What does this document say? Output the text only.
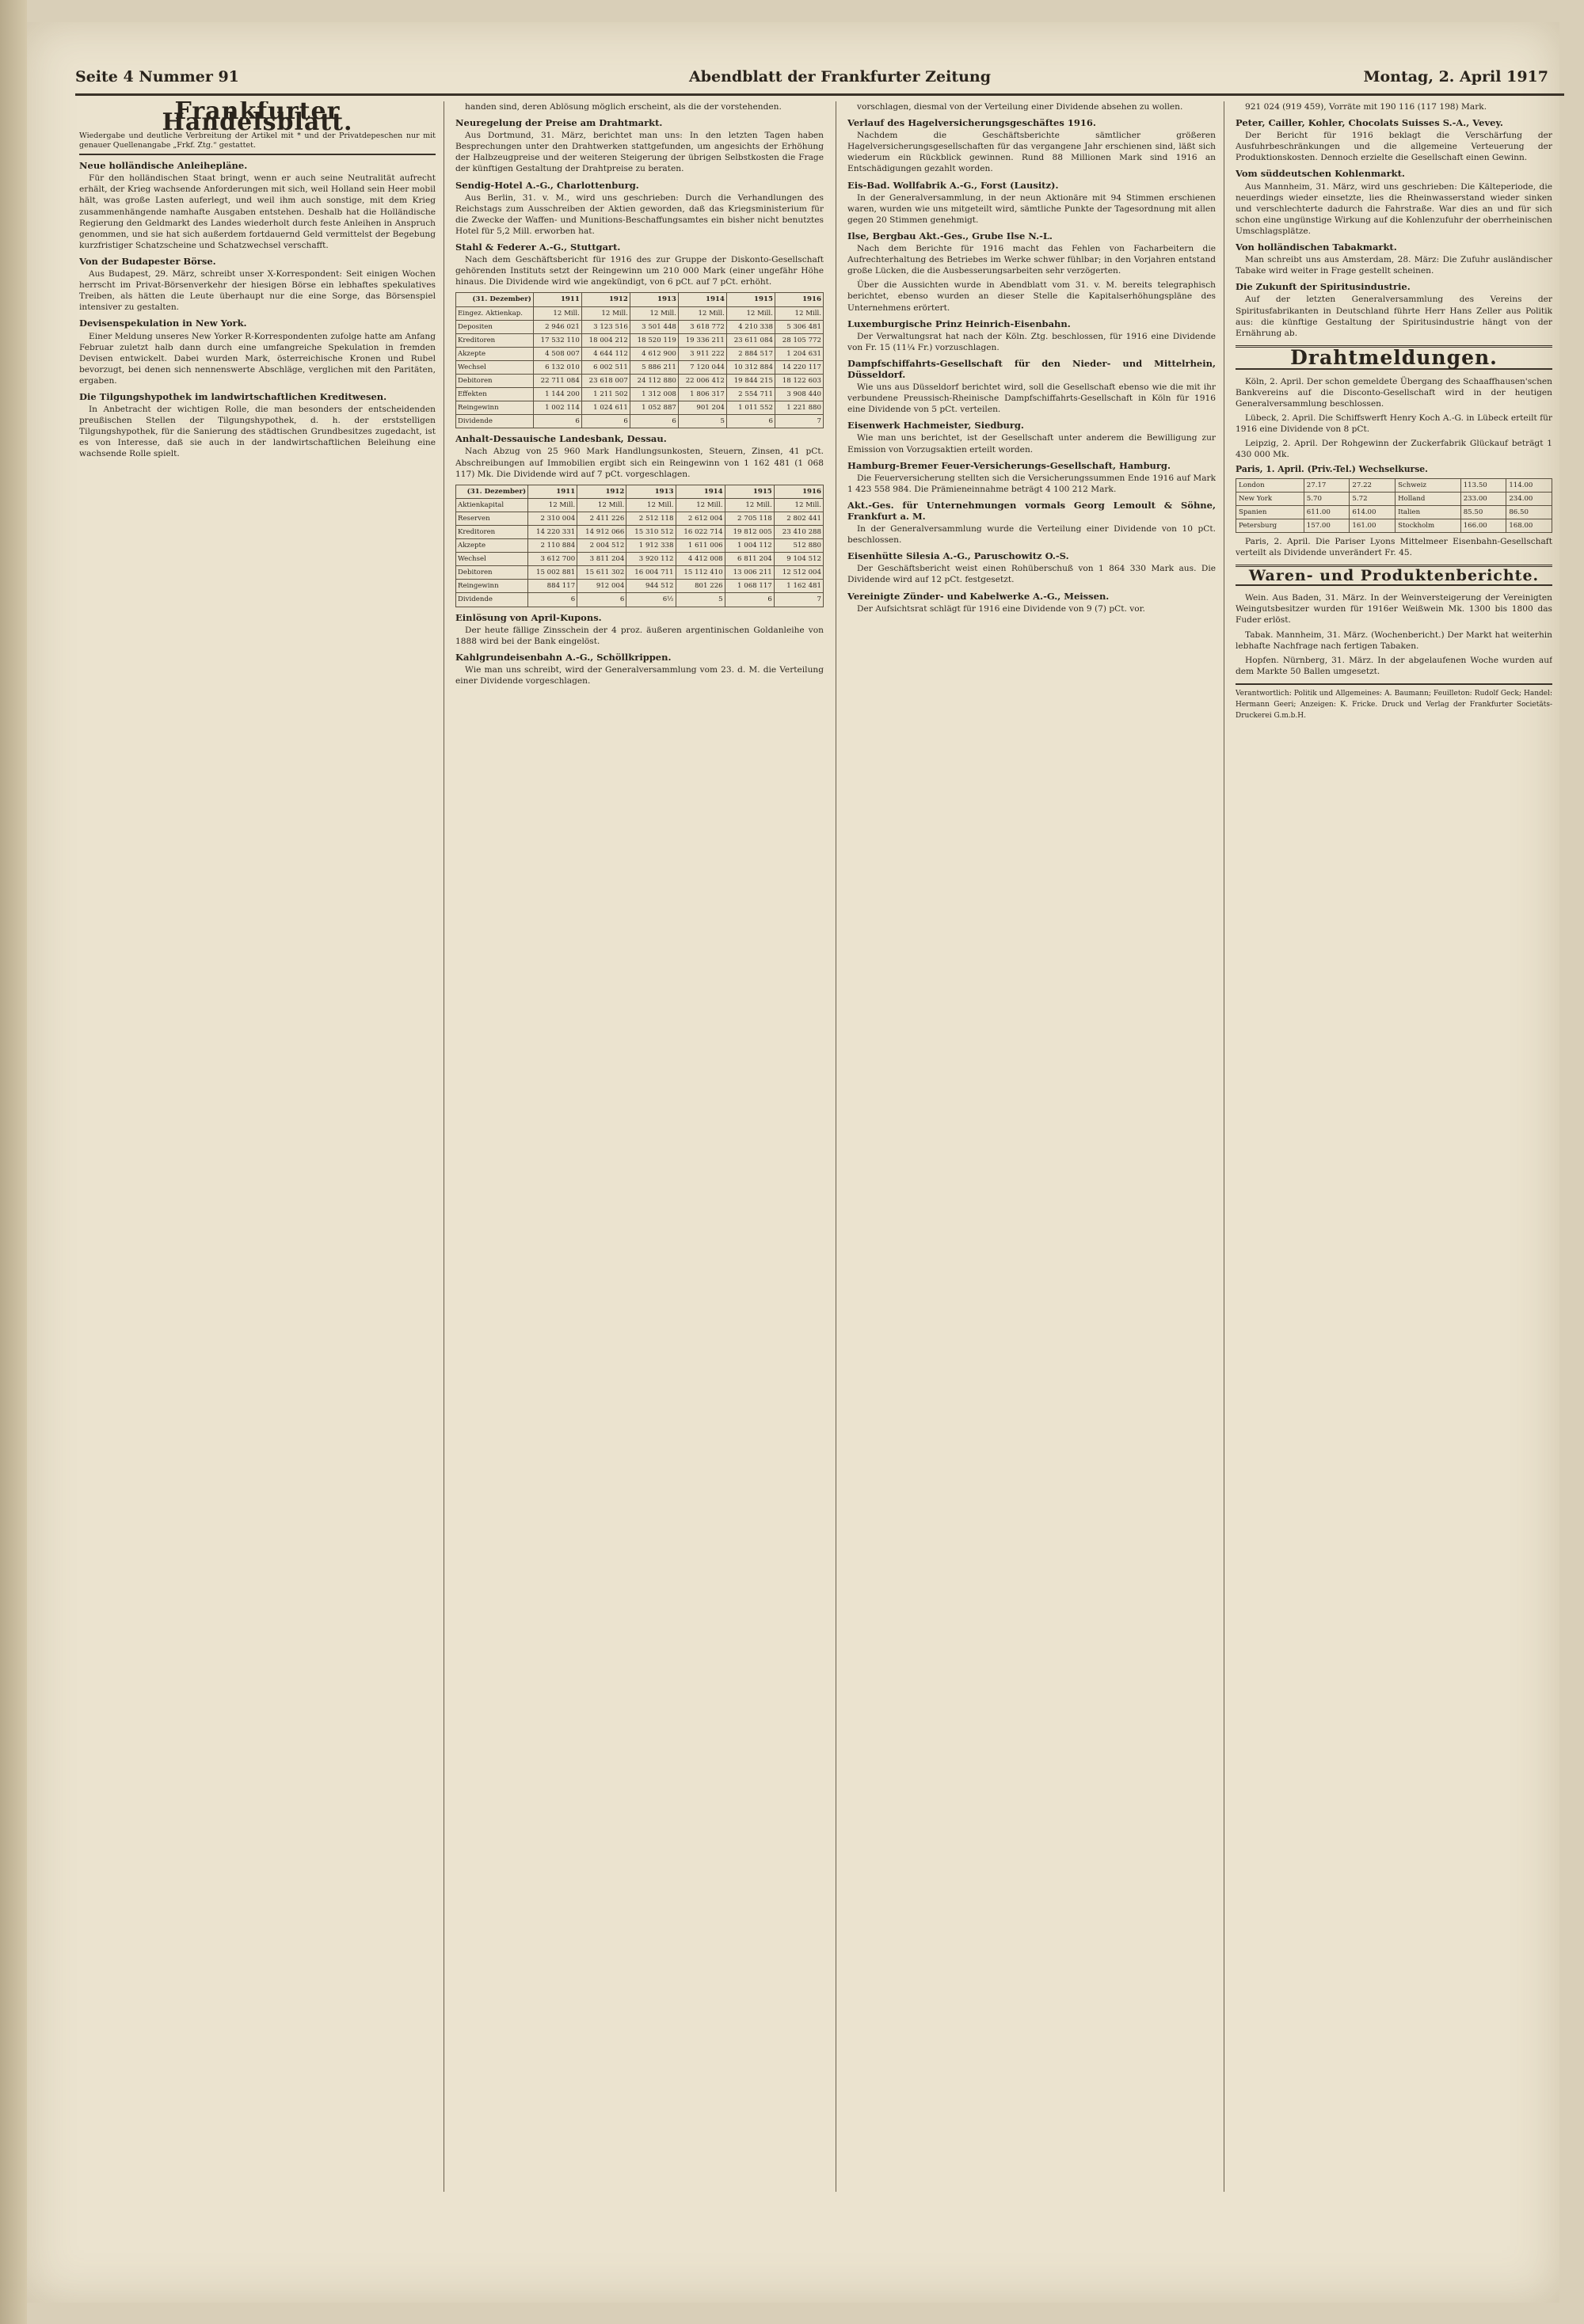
Seite 4 Nummer 91	Abendblatt der Frankfurter Zeitung	Montag, 2. April 1917
Frankfurter Handelsblatt.
Wiedergabe und deutliche Verbreitung der Artikel mit * und der Privatdepeschen nur mit genauer Quellenangabe „Frkf. Ztg.“ gestattet.
Neue holländische Anleihepläne.

Für den holländischen Staat bringt, wenn er auch seine Neutralität aufrecht erhält, der Krieg wachsende Anforderungen mit sich, weil Holland sein Heer mobil hält, was große Lasten auferlegt, und weil ihm auch sonstige, mit dem Krieg zusammenhängende namhafte Ausgaben entstehen. Deshalb hat die Holländische Regierung den Geldmarkt des Landes wiederholt durch feste Anleihen in Anspruch genommen, und sie hat sich außerdem fortdauernd Geld vermittelst der Begebung kurzfristiger Schatzscheine und Schatzwechsel verschafft.

Von der Budapester Börse.

Aus Budapest, 29. März, schreibt unser X-Korrespondent: Seit einigen Wochen herrscht im Privat-Börsenverkehr der hiesigen Börse ein lebhaftes spekulatives Treiben, als hätten die Leute überhaupt nur die eine Sorge, das Börsenspiel intensiver zu gestalten.

Devisenspekulation in New York.

Einer Meldung unseres New Yorker R-Korrespondenten zufolge hatte am Anfang Februar zuletzt halb dann durch eine umfangreiche Spekulation in fremden Devisen entwickelt. Dabei wurden Mark, österreichische Kronen und Rubel bevorzugt, bei denen sich nennenswerte Abschläge, verglichen mit den Paritäten, ergaben.

Die Tilgungshypothek im landwirtschaftlichen Kreditwesen.

In Anbetracht der wichtigen Rolle, die man besonders der entscheidenden preußischen Stellen der Tilgungshypothek, d. h. der erststelligen Tilgungshypothek, für die Sanierung des städtischen Grundbesitzes zugedacht, ist es von Interesse, daß sie auch in der landwirtschaftlichen Beleihung eine wachsende Rolle spielt.

handen sind, deren Ablösung möglich erscheint, als die der vorstehenden.

Neuregelung der Preise am Drahtmarkt.

Aus Dortmund, 31. März, berichtet man uns: In den letzten Tagen haben Besprechungen unter den Drahtwerken stattgefunden, um angesichts der Erhöhung der Halbzeugpreise und der weiteren Steigerung der übrigen Selbstkosten die Frage der künftigen Gestaltung der Drahtpreise zu beraten.

Sendig-Hotel A.-G., Charlottenburg.

Aus Berlin, 31. v. M., wird uns geschrieben: Durch die Verhandlungen des Reichstags zum Ausschreiben der Aktien geworden, daß das Kriegsministerium für die Zwecke der Waffen- und Munitions-Beschaffungsamtes ein bisher nicht benutztes Hotel für 5,2 Mill. erworben hat.

Stahl & Federer A.-G., Stuttgart.

Nach dem Geschäftsbericht für 1916 des zur Gruppe der Diskonto-Gesellschaft gehörenden Instituts setzt der Reingewinn um 210 000 Mark (einer ungefähr Höhe hinaus. Die Dividende wird wie angekündigt, von 6 pCt. auf 7 pCt. erhöht.

(31. Dezember)	1911	1912	1913	1914	1915	1916
Eingez. Aktienkap.	12 Mill.	12 Mill.	12 Mill.	12 Mill.	12 Mill.	12 Mill.
Depositen	2 946 021	3 123 516	3 501 448	3 618 772	4 210 338	5 306 481
Kreditoren	17 532 110	18 004 212	18 520 119	19 336 211	23 611 084	28 105 772
Akzepte	4 508 007	4 644 112	4 612 900	3 911 222	2 884 517	1 204 631
Wechsel	6 132 010	6 002 511	5 886 211	7 120 044	10 312 884	14 220 117
Debitoren	22 711 084	23 618 007	24 112 880	22 006 412	19 844 215	18 122 603
Effekten	1 144 200	1 211 502	1 312 008	1 806 317	2 554 711	3 908 440
Reingewinn	1 002 114	1 024 611	1 052 887	901 204	1 011 552	1 221 880
Dividende	6	6	6	5	6	7
Anhalt-Dessauische Landesbank, Dessau.

Nach Abzug von 25 960 Mark Handlungsunkosten, Steuern, Zinsen, 41 pCt. Abschreibungen auf Immobilien ergibt sich ein Reingewinn von 1 162 481 (1 068 117) Mk. Die Dividende wird auf 7 pCt. vorgeschlagen.

(31. Dezember)	1911	1912	1913	1914	1915	1916
Aktienkapital	12 Mill.	12 Mill.	12 Mill.	12 Mill.	12 Mill.	12 Mill.
Reserven	2 310 004	2 411 226	2 512 118	2 612 004	2 705 118	2 802 441
Kreditoren	14 220 331	14 912 066	15 310 512	16 022 714	19 812 005	23 410 288
Akzepte	2 110 884	2 004 512	1 912 338	1 611 006	1 004 112	512 880
Wechsel	3 612 700	3 811 204	3 920 112	4 412 008	6 811 204	9 104 512
Debitoren	15 002 881	15 611 302	16 004 711	15 112 410	13 006 211	12 512 004
Reingewinn	884 117	912 004	944 512	801 226	1 068 117	1 162 481
Dividende	6	6	6½	5	6	7
Einlösung von April-Kupons.

Der heute fällige Zinsschein der 4 proz. äußeren argentinischen Goldanleihe von 1888 wird bei der Bank eingelöst.

Kahlgrundeisenbahn A.-G., Schöllkrippen.

Wie man uns schreibt, wird der Generalversammlung vom 23. d. M. die Verteilung einer Dividende vorgeschlagen.

vorschlagen, diesmal von der Verteilung einer Dividende absehen zu wollen.

Verlauf des Hagelversicherungsgeschäftes 1916.

Nachdem die Geschäftsberichte sämtlicher größeren Hagelversicherungsgesellschaften für das vergangene Jahr erschienen sind, läßt sich wiederum ein Rückblick gewinnen. Rund 88 Millionen Mark sind 1916 an Entschädigungen gezahlt worden.

Eis-Bad. Wollfabrik A.-G., Forst (Lausitz).

In der Generalversammlung, in der neun Aktionäre mit 94 Stimmen erschienen waren, wurden wie uns mitgeteilt wird, sämtliche Punkte der Tagesordnung mit allen gegen 20 Stimmen genehmigt.

Ilse, Bergbau Akt.-Ges., Grube Ilse N.-L.

Nach dem Berichte für 1916 macht das Fehlen von Facharbeitern die Aufrechterhaltung des Betriebes im Werke schwer fühlbar; in den Vorjahren entstand große Lücken, die die Ausbesserungsarbeiten sehr verzögerten.

Über die Aussichten wurde in Abendblatt vom 31. v. M. bereits telegraphisch berichtet, ebenso wurden an dieser Stelle die Kapitalserhöhungspläne des Unternehmens erörtert.

Luxemburgische Prinz Heinrich-Eisenbahn.

Der Verwaltungsrat hat nach der Köln. Ztg. beschlossen, für 1916 eine Dividende von Fr. 15 (11¼ Fr.) vorzuschlagen.

Dampfschiffahrts-Gesellschaft für den Nieder- und Mittelrhein, Düsseldorf.

Wie uns aus Düsseldorf berichtet wird, soll die Gesellschaft ebenso wie die mit ihr verbundene Preussisch-Rheinische Dampfschiffahrts-Gesellschaft in Köln für 1916 eine Dividende von 5 pCt. verteilen.

Eisenwerk Hachmeister, Siedburg.

Wie man uns berichtet, ist der Gesellschaft unter anderem die Bewilligung zur Emission von Vorzugsaktien erteilt worden.

Hamburg-Bremer Feuer-Versicherungs-Gesellschaft, Hamburg.

Die Feuerversicherung stellten sich die Versicherungssummen Ende 1916 auf Mark 1 423 558 984. Die Prämieneinnahme beträgt 4 100 212 Mark.

Akt.-Ges. für Unternehmungen vormals Georg Lemoult & Söhne, Frankfurt a. M.

In der Generalversammlung wurde die Verteilung einer Dividende von 10 pCt. beschlossen.

Eisenhütte Silesia A.-G., Paruschowitz O.-S.

Der Geschäftsbericht weist einen Rohüberschuß von 1 864 330 Mark aus. Die Dividende wird auf 12 pCt. festgesetzt.

Vereinigte Zünder- und Kabelwerke A.-G., Meissen.

Der Aufsichtsrat schlägt für 1916 eine Dividende von 9 (7) pCt. vor.

921 024 (919 459), Vorräte mit 190 116 (117 198) Mark.

Peter, Cailler, Kohler, Chocolats Suisses S.-A., Vevey.

Der Bericht für 1916 beklagt die Verschärfung der Ausfuhrbeschränkungen und die allgemeine Verteuerung der Produktionskosten. Dennoch erzielte die Gesellschaft einen Gewinn.

Vom süddeutschen Kohlenmarkt.

Aus Mannheim, 31. März, wird uns geschrieben: Die Kälteperiode, die neuerdings wieder einsetzte, lies die Rheinwasserstand wieder sinken und verschlechterte dadurch die Fahrstraße. War dies an und für sich schon eine ungünstige Wirkung auf die Kohlenzufuhr der oberrheinischen Umschlagsplätze.

Von holländischen Tabakmarkt.

Man schreibt uns aus Amsterdam, 28. März: Die Zufuhr ausländischer Tabake wird weiter in Frage gestellt scheinen.

Die Zukunft der Spiritusindustrie.

Auf der letzten Generalversammlung des Vereins der Spiritusfabrikanten in Deutschland führte Herr Hans Zeller aus Politik aus: die künftige Gestaltung der Spiritusindustrie hängt von der Ernährung ab.

Drahtmeldungen.

Köln, 2. April. Der schon gemeldete Übergang des Schaaffhausen'schen Bankvereins auf die Disconto-Gesellschaft wird in der heutigen Generalversammlung beschlossen.

Lübeck, 2. April. Die Schiffswerft Henry Koch A.-G. in Lübeck erteilt für 1916 eine Dividende von 8 pCt.

Leipzig, 2. April. Der Rohgewinn der Zuckerfabrik Glückauf beträgt 1 430 000 Mk.

Paris, 1. April. (Priv.-Tel.) Wechselkurse.
London	27.17	27.22	Schweiz	113.50	114.00
New York	5.70	5.72	Holland	233.00	234.00
Spanien	611.00	614.00	Italien	85.50	86.50
Petersburg	157.00	161.00	Stockholm	166.00	168.00

Paris, 2. April. Die Pariser Lyons Mittelmeer Eisenbahn-Gesellschaft verteilt als Dividende unverändert Fr. 45.

Waren- und Produktenberichte.

Wein. Aus Baden, 31. März. In der Weinversteigerung der Vereinigten Weingutsbesitzer wurden für 1916er Weißwein Mk. 1300 bis 1800 das Fuder erlöst.

Tabak. Mannheim, 31. März. (Wochenbericht.) Der Markt hat weiterhin lebhafte Nachfrage nach fertigen Tabaken.

Hopfen. Nürnberg, 31. März. In der abgelaufenen Woche wurden auf dem Markte 50 Ballen umgesetzt.

Verantwortlich: Politik und Allgemeines: A. Baumann; Feuilleton: Rudolf Geck; Handel: Hermann Geeri; Anzeigen: K. Fricke. Druck und Verlag der Frankfurter Societäts-Druckerei G.m.b.H.
